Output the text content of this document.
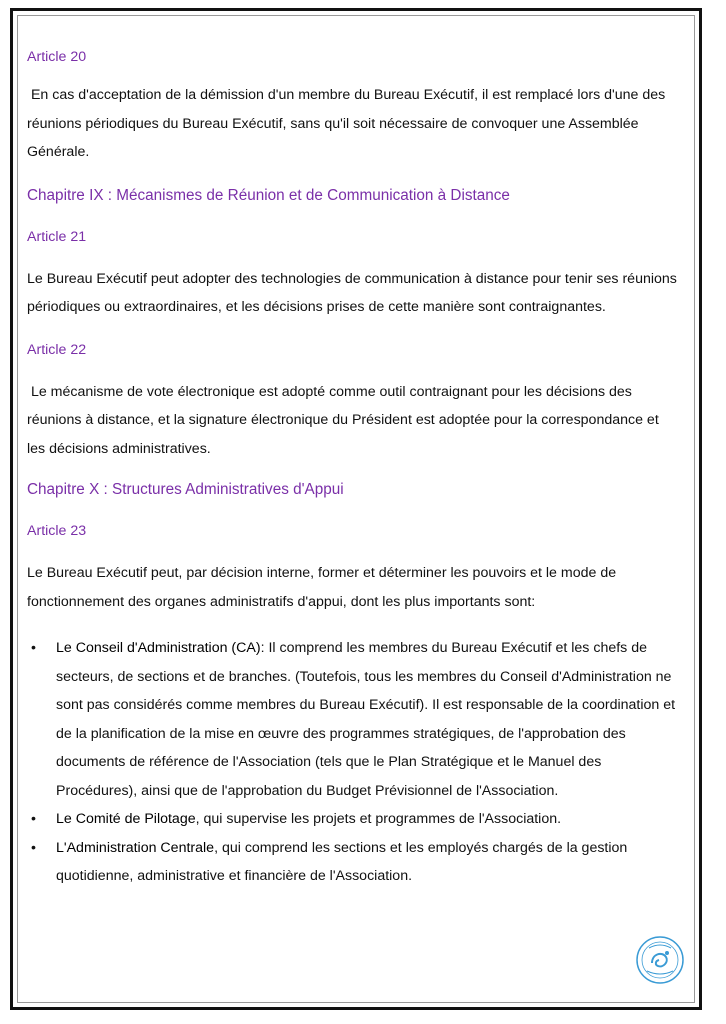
Article 20

En cas d'acceptation de la démission d'un membre du Bureau Exécutif, il est remplacé lors d'une des réunions périodiques du Bureau Exécutif, sans qu'il soit nécessaire de convoquer une Assemblée Générale.

Chapitre IX : Mécanismes de Réunion et de Communication à Distance
Article 21

Le Bureau Exécutif peut adopter des technologies de communication à distance pour tenir ses réunions périodiques ou extraordinaires, et les décisions prises de cette manière sont contraignantes.

Article 22

Le mécanisme de vote électronique est adopté comme outil contraignant pour les décisions des réunions à distance, et la signature électronique du Président est adoptée pour la correspondance et les décisions administratives.

Chapitre X : Structures Administratives d'Appui
Article 23

Le Bureau Exécutif peut, par décision interne, former et déterminer les pouvoirs et le mode de fonctionnement des organes administratifs d'appui, dont les plus importants sont:

• Le Conseil d'Administration (CA): Il comprend les membres du Bureau Exécutif et les chefs de secteurs, de sections et de branches. (Toutefois, tous les membres du Conseil d'Administration ne sont pas considérés comme membres du Bureau Exécutif). Il est responsable de la coordination et de la planification de la mise en œuvre des programmes stratégiques, de l'approbation des documents de référence de l'Association (tels que le Plan Stratégique et le Manuel des Procédures), ainsi que de l'approbation du Budget Prévisionnel de l'Association.
• Le Comité de Pilotage, qui supervise les projets et programmes de l'Association.
• L'Administration Centrale, qui comprend les sections et les employés chargés de la gestion quotidienne, administrative et financière de l'Association.
